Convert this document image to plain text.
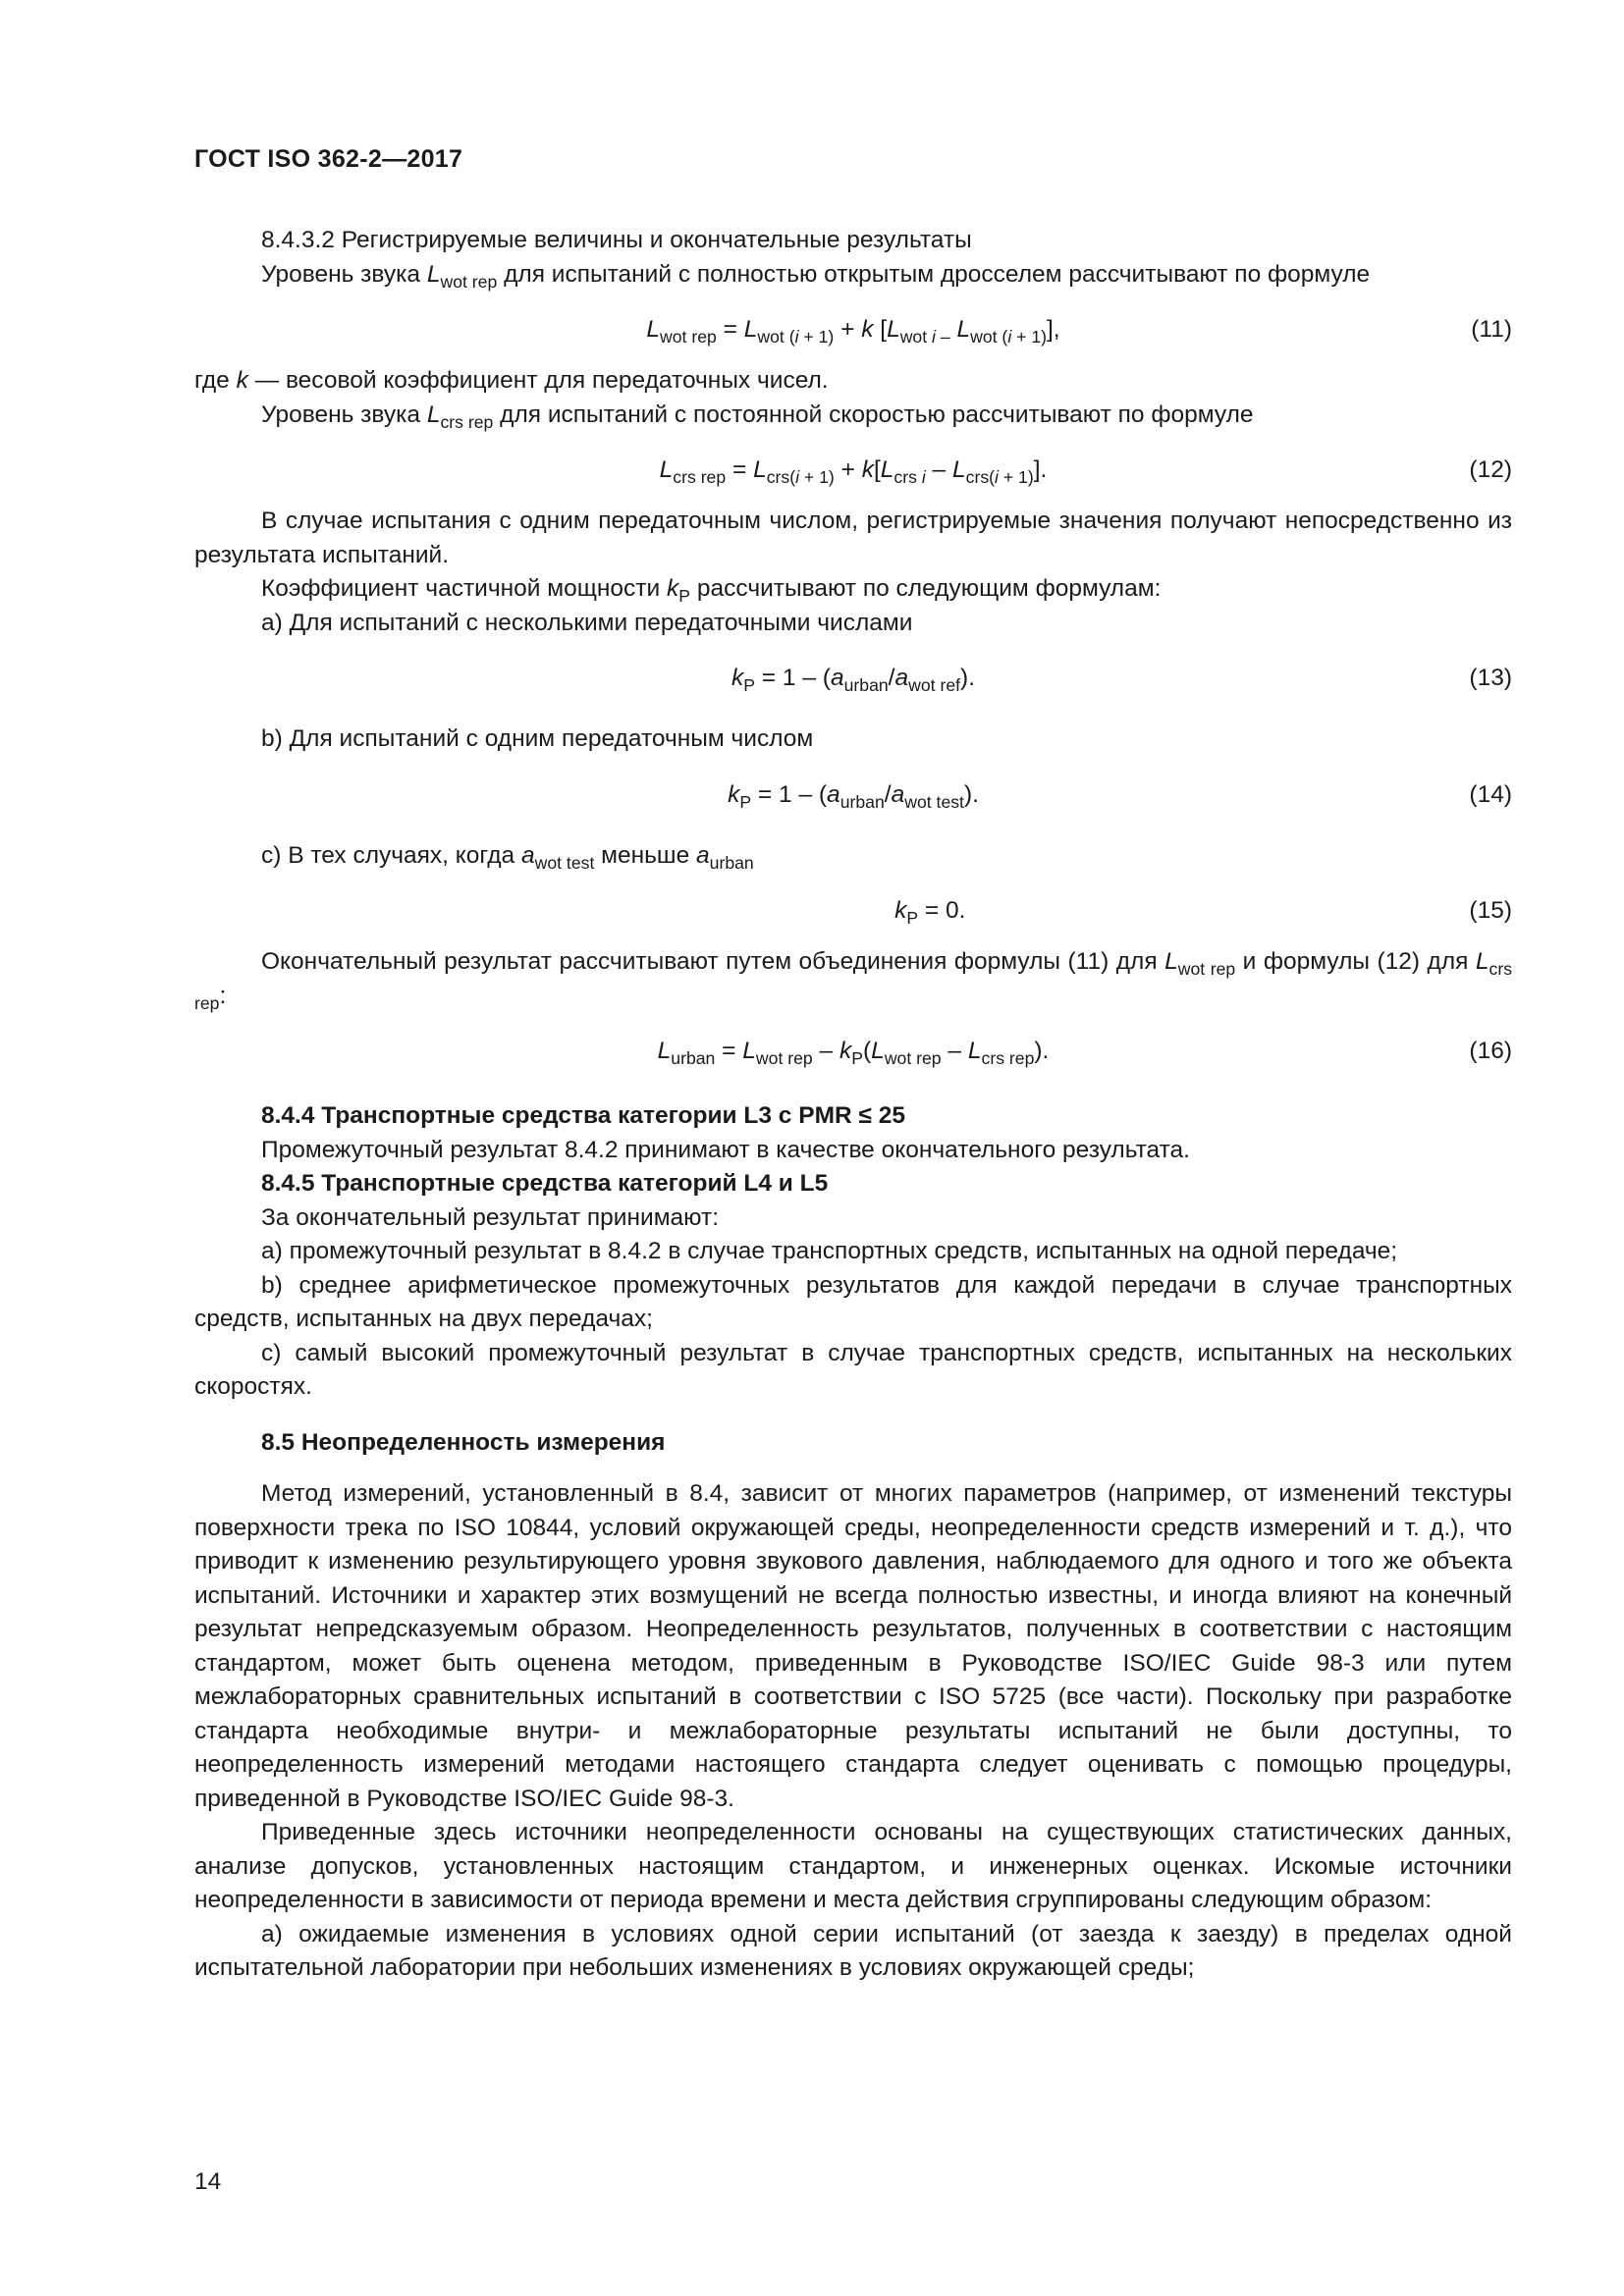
ГОСТ ISO 362-2—2017

8.4.3.2 Регистрируемые величины и окончательные результаты

Уровень звука $L_{wot rep}$ для испытаний с полностью открытым дросселем рассчитывают по формуле

$L_{wot rep} = L_{wot (i + 1)} + k$ [$L_{wot i -}$ $L_{wot (i + 1)}$],	(11)

где k — весовой коэффициент для передаточных чисел.

Уровень звука $L_{crs rep}$ для испытаний с постоянной скоростью рассчитывают по формуле

$L_{crs rep} = L_{crs(i + 1)} + k[L_{crs i} - L_{crs(i + 1)}]$.	(12)

В случае испытания с одним передаточным числом, регистрируемые значения получают непосредственно из результата испытаний.

Коэффициент частичной мощности $k_P$ рассчитывают по следующим формулам:

a) Для испытаний с несколькими передаточными числами

$k_P = 1 - (a_{urban}/a_{wot ref})$.	(13)

b) Для испытаний с одним передаточным числом

$k_P = 1 - (a_{urban}/a_{wot test})$.	(14)

c) В тех случаях, когда $a_{wot test}$ меньше $a_{urban}$

$k_P = 0$.	(15)

Окончательный результат рассчитывают путем объединения формулы (11) для $L_{wot rep}$ и формулы (12) для $L_{crs rep}$:

$L_{urban} = L_{wot rep} - k_P(L_{wot rep} - L_{crs rep})$.	(16)

8.4.4 Транспортные средства категории L3 с PMR ≤ 25

Промежуточный результат 8.4.2 принимают в качестве окончательного результата.

8.4.5 Транспортные средства категорий L4 и L5

За окончательный результат принимают:

a) промежуточный результат в 8.4.2 в случае транспортных средств, испытанных на одной передаче;

b) среднее арифметическое промежуточных результатов для каждой передачи в случае транспортных средств, испытанных на двух передачах;

c) самый высокий промежуточный результат в случае транспортных средств, испытанных на нескольких скоростях.

8.5 Неопределенность измерения

Метод измерений, установленный в 8.4, зависит от многих параметров (например, от изменений текстуры поверхности трека по ISO 10844, условий окружающей среды, неопределенности средств измерений и т. д.), что приводит к изменению результирующего уровня звукового давления, наблюдаемого для одного и того же объекта испытаний. Источники и характер этих возмущений не всегда полностью известны, и иногда влияют на конечный результат непредсказуемым образом. Неопределенность результатов, полученных в соответствии с настоящим стандартом, может быть оценена методом, приведенным в Руководстве ISO/IEC Guide 98-3 или путем межлабораторных сравнительных испытаний в соответствии с ISO 5725 (все части). Поскольку при разработке стандарта необходимые внутри- и межлабораторные результаты испытаний не были доступны, то неопределенность измерений методами настоящего стандарта следует оценивать с помощью процедуры, приведенной в Руководстве ISO/IEC Guide 98-3.

Приведенные здесь источники неопределенности основаны на существующих статистических данных, анализе допусков, установленных настоящим стандартом, и инженерных оценках. Искомые источники неопределенности в зависимости от периода времени и места действия сгруппированы следующим образом:

a) ожидаемые изменения в условиях одной серии испытаний (от заезда к заезду) в пределах одной испытательной лаборатории при небольших изменениях в условиях окружающей среды;

14
